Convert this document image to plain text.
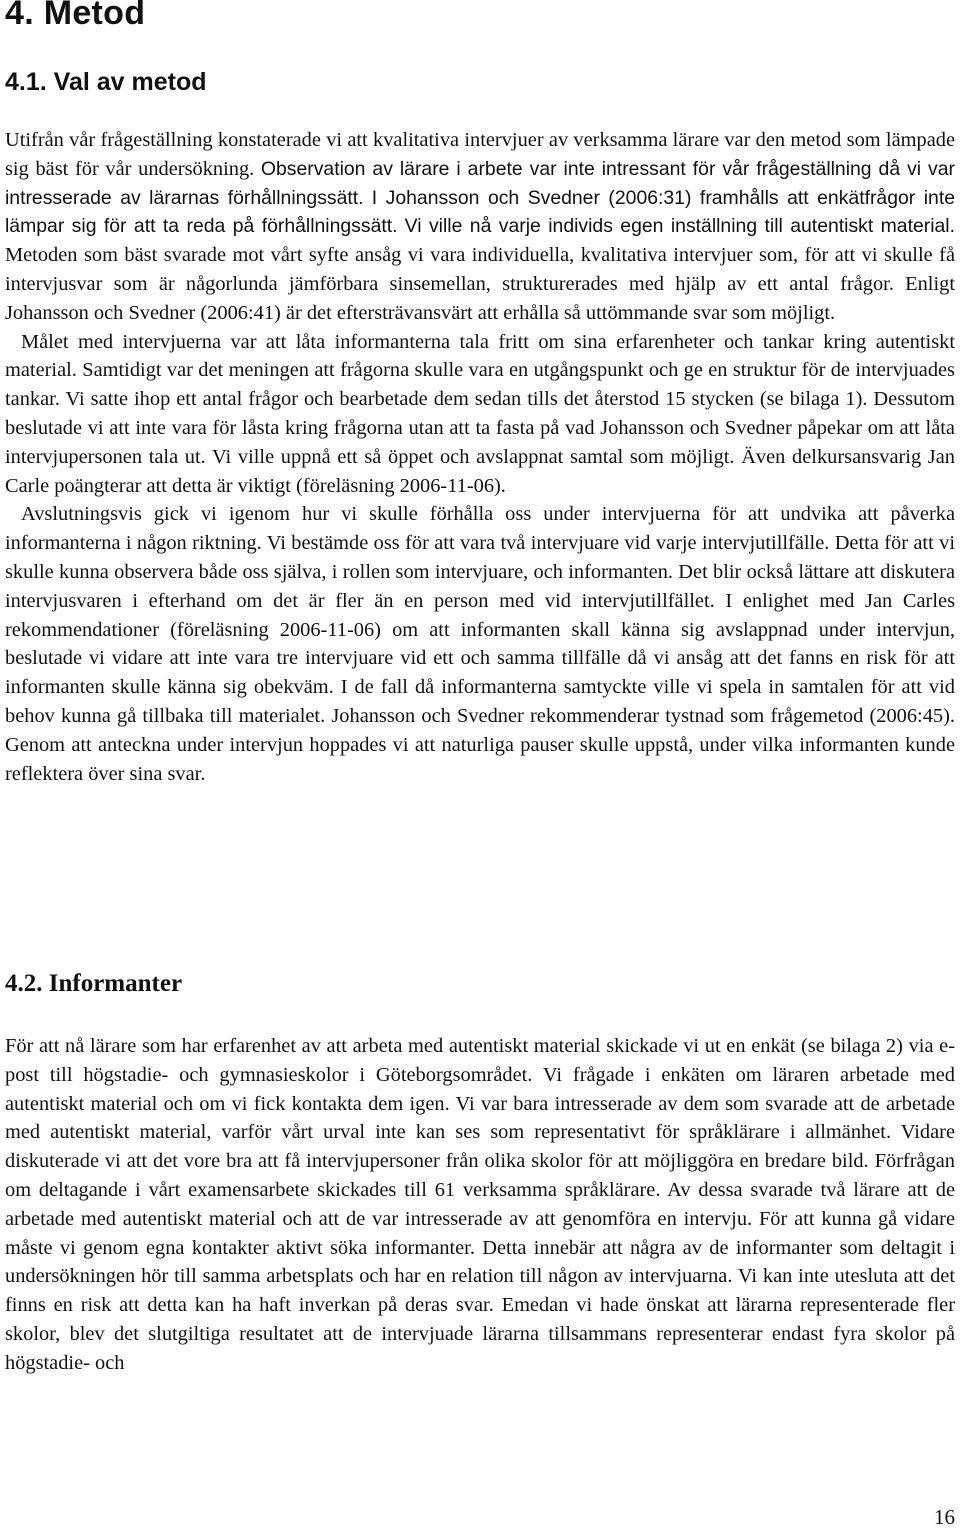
4. Metod
4.1. Val av metod

Utifrån vår frågeställning konstaterade vi att kvalitativa intervjuer av verksamma lärare var den metod som lämpade sig bäst för vår undersökning. Observation av lärare i arbete var inte intressant för vår frågeställning då vi var intresserade av lärarnas förhållningssätt. I Johansson och Svedner (2006:31) framhålls att enkätfrågor inte lämpar sig för att ta reda på förhållningssätt. Vi ville nå varje individs egen inställning till autentiskt material. Metoden som bäst svarade mot vårt syfte ansåg vi vara individuella, kvalitativa intervjuer som, för att vi skulle få intervjusvar som är någorlunda jämförbara sinsemellan, strukturerades med hjälp av ett antal frågor. Enligt Johansson och Svedner (2006:41) är det eftersträvansvärt att erhålla så uttömmande svar som möjligt.

Målet med intervjuerna var att låta informanterna tala fritt om sina erfarenheter och tankar kring autentiskt material. Samtidigt var det meningen att frågorna skulle vara en utgångspunkt och ge en struktur för de intervjuades tankar. Vi satte ihop ett antal frågor och bearbetade dem sedan tills det återstod 15 stycken (se bilaga 1). Dessutom beslutade vi att inte vara för låsta kring frågorna utan att ta fasta på vad Johansson och Svedner påpekar om att låta intervjupersonen tala ut. Vi ville uppnå ett så öppet och avslappnat samtal som möjligt. Även delkursansvarig Jan Carle poängterar att detta är viktigt (föreläsning 2006-11-06).

Avslutningsvis gick vi igenom hur vi skulle förhålla oss under intervjuerna för att undvika att påverka informanterna i någon riktning. Vi bestämde oss för att vara två intervjuare vid varje intervjutillfälle. Detta för att vi skulle kunna observera både oss själva, i rollen som intervjuare, och informanten. Det blir också lättare att diskutera intervjusvaren i efterhand om det är fler än en person med vid intervjutillfället. I enlighet med Jan Carles rekommendationer (föreläsning 2006-11-06) om att informanten skall känna sig avslappnad under intervjun, beslutade vi vidare att inte vara tre intervjuare vid ett och samma tillfälle då vi ansåg att det fanns en risk för att informanten skulle känna sig obekväm. I de fall då informanterna samtyckte ville vi spela in samtalen för att vid behov kunna gå tillbaka till materialet. Johansson och Svedner rekommenderar tystnad som frågemetod (2006:45). Genom att anteckna under intervjun hoppades vi att naturliga pauser skulle uppstå, under vilka informanten kunde reflektera över sina svar.

4.2. Informanter

För att nå lärare som har erfarenhet av att arbeta med autentiskt material skickade vi ut en enkät (se bilaga 2) via e-post till högstadie- och gymnasieskolor i Göteborgsområdet. Vi frågade i enkäten om läraren arbetade med autentiskt material och om vi fick kontakta dem igen. Vi var bara intresserade av dem som svarade att de arbetade med autentiskt material, varför vårt urval inte kan ses som representativt för språklärare i allmänhet. Vidare diskuterade vi att det vore bra att få intervjupersoner från olika skolor för att möjliggöra en bredare bild. Förfrågan om deltagande i vårt examensarbete skickades till 61 verksamma språklärare. Av dessa svarade två lärare att de arbetade med autentiskt material och att de var intresserade av att genomföra en intervju. För att kunna gå vidare måste vi genom egna kontakter aktivt söka informanter. Detta innebär att några av de informanter som deltagit i undersökningen hör till samma arbetsplats och har en relation till någon av intervjuarna. Vi kan inte utesluta att det finns en risk att detta kan ha haft inverkan på deras svar. Emedan vi hade önskat att lärarna representerade fler skolor, blev det slutgiltiga resultatet att de intervjuade lärarna tillsammans representerar endast fyra skolor på högstadie- och

16
